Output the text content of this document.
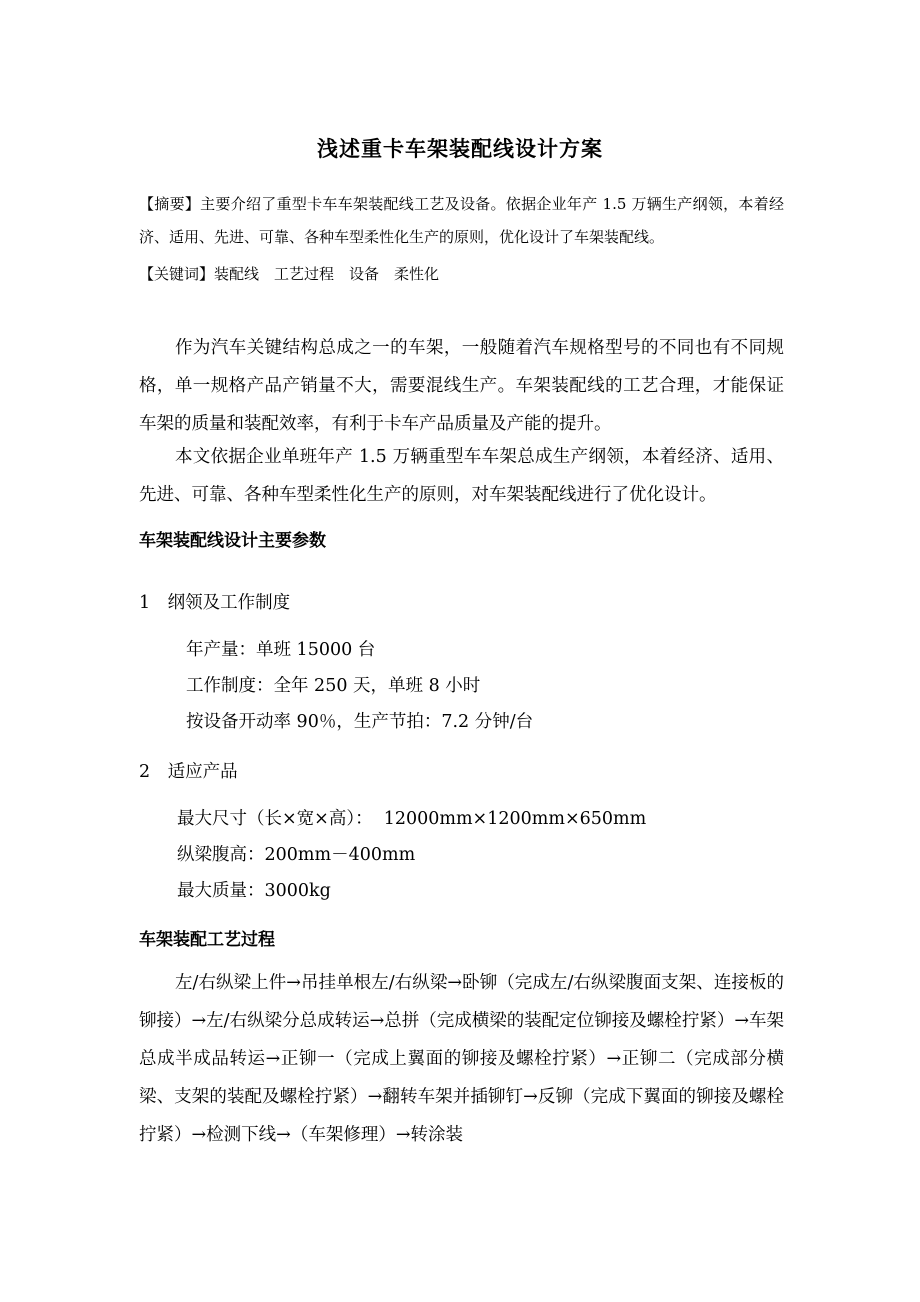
浅述重卡车架装配线设计方案
【摘要】主要介绍了重型卡车车架装配线工艺及设备。依据企业年产 1.5 万辆生产纲领，本着经济、适用、先进、可靠、各种车型柔性化生产的原则，优化设计了车架装配线。
【关键词】装配线　工艺过程　设备　柔性化
作为汽车关键结构总成之一的车架，一般随着汽车规格型号的不同也有不同规格，单一规格产品产销量不大，需要混线生产。车架装配线的工艺合理，才能保证车架的质量和装配效率，有利于卡车产品质量及产能的提升。
本文依据企业单班年产 1.5 万辆重型车车架总成生产纲领，本着经济、适用、先进、可靠、各种车型柔性化生产的原则，对车架装配线进行了优化设计。
车架装配线设计主要参数
1　纲领及工作制度
年产量：单班 15000 台
工作制度：全年 250 天，单班 8 小时
按设备开动率 90％，生产节拍：7.2 分钟/台
2　适应产品
最大尺寸（长×宽×高）：  12000mm×1200mm×650mm
纵梁腹高：200mm－400mm
最大质量：3000kg
车架装配工艺过程
左/右纵梁上件→吊挂单根左/右纵梁→卧铆（完成左/右纵梁腹面支架、连接板的铆接）→左/右纵梁分总成转运→总拼（完成横梁的装配定位铆接及螺栓拧紧）→车架总成半成品转运→正铆一（完成上翼面的铆接及螺栓拧紧）→正铆二（完成部分横梁、支架的装配及螺栓拧紧）→翻转车架并插铆钉→反铆（完成下翼面的铆接及螺栓拧紧）→检测下线→（车架修理）→转涂装
